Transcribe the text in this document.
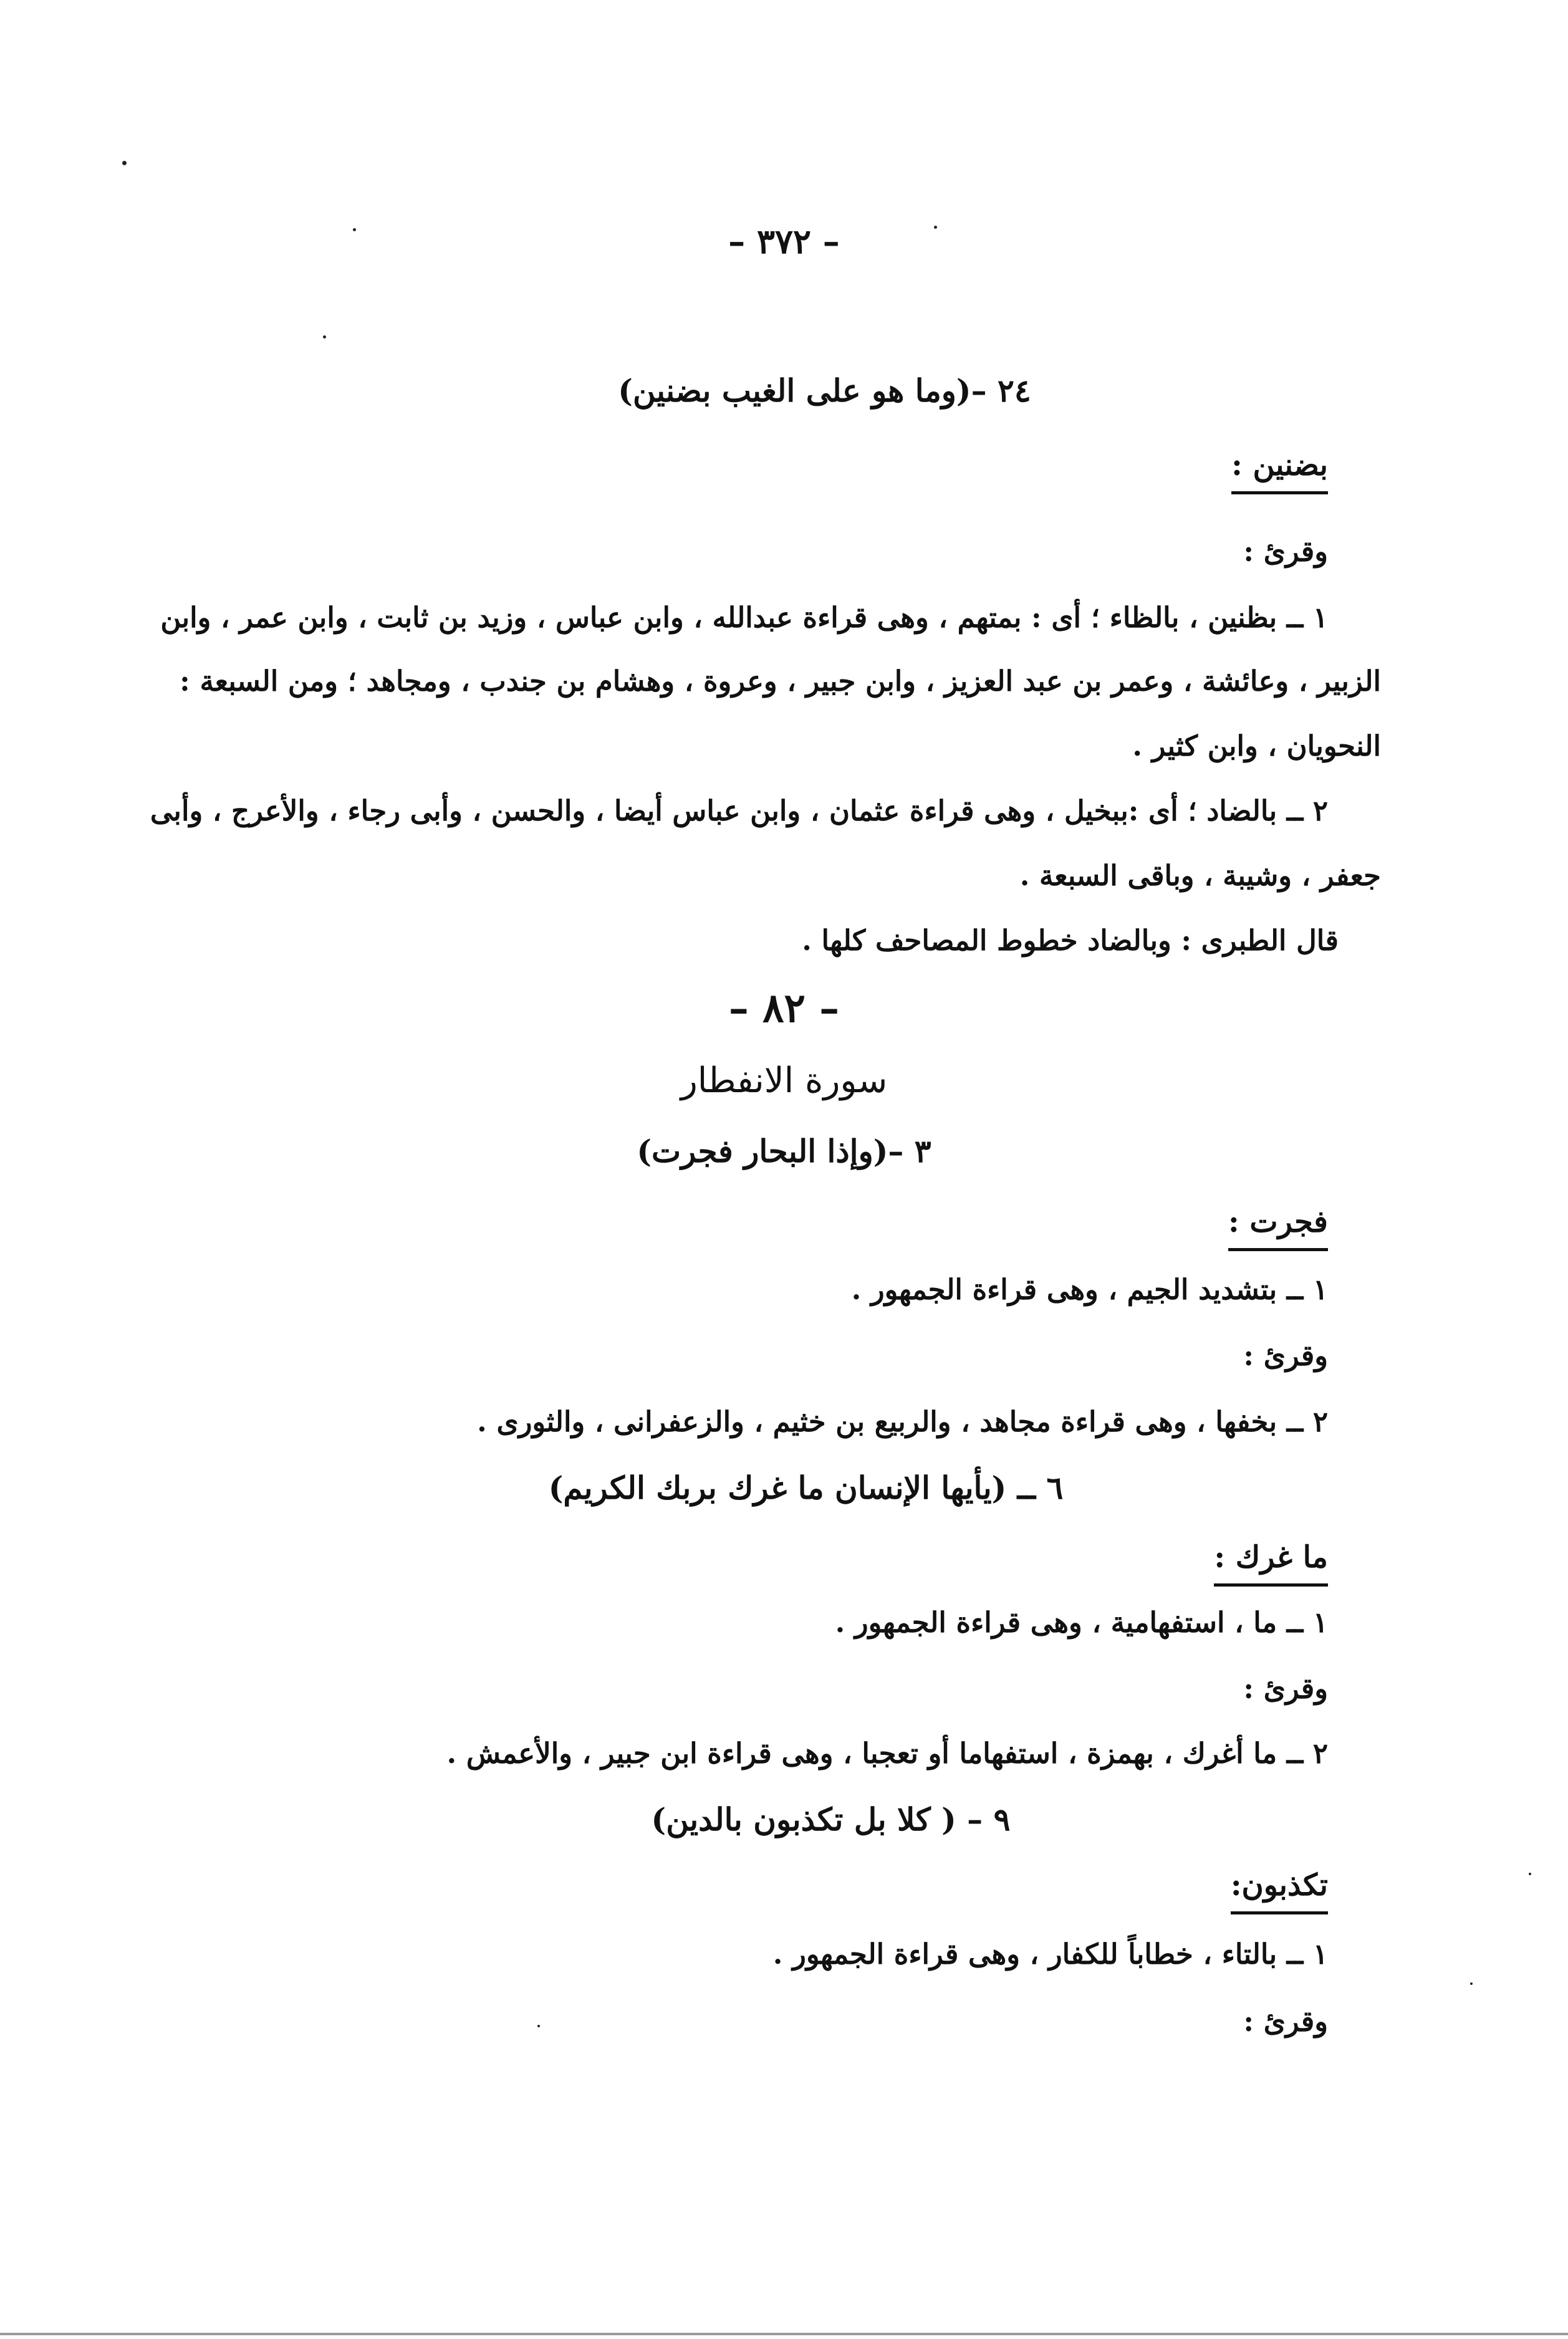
– ٣٧٢ –
٢٤ –(وما هو على الغيب بضنين)
بضنين :
وقرئ :
١ ــ بظنين ، بالظاء ؛ أى : بمتهم ، وهى قراءة عبدالله ، وابن عباس ، وزيد بن ثابت ، وابن عمر ، وابن
الزبير ، وعائشة ، وعمر بن عبد العزيز ، وابن جبير ، وعروة ، وهشام بن جندب ، ومجاهد ؛ ومن السبعة :
النحويان ، وابن كثير .
٢ ــ بالضاد ؛ أى :ببخيل ، وهى قراءة عثمان ، وابن عباس أيضا ، والحسن ، وأبى رجاء ، والأعرج ، وأبى
جعفر ، وشيبة ، وباقى السبعة .
قال الطبرى : وبالضاد خطوط المصاحف كلها .
– ٨٢ –
سورة الانفطار
٣ –(وإذا البحار فجرت)
فجرت :
١ ــ بتشديد الجيم ، وهى قراءة الجمهور .
وقرئ :
٢ ــ بخفها ، وهى قراءة مجاهد ، والربيع بن خثيم ، والزعفرانى ، والثورى .
٦ ــ (يأيها الإنسان ما غرك بربك الكريم)
ما غرك :
١ ــ ما ، استفهامية ، وهى قراءة الجمهور .
وقرئ :
٢ ــ ما أغرك ، بهمزة ، استفهاما أو تعجبا ، وهى قراءة ابن جبير ، والأعمش .
٩ – ( كلا بل تكذبون بالدين)
تكذبون:
١ ــ بالتاء ، خطاباً للكفار ، وهى قراءة الجمهور .
وقرئ :
